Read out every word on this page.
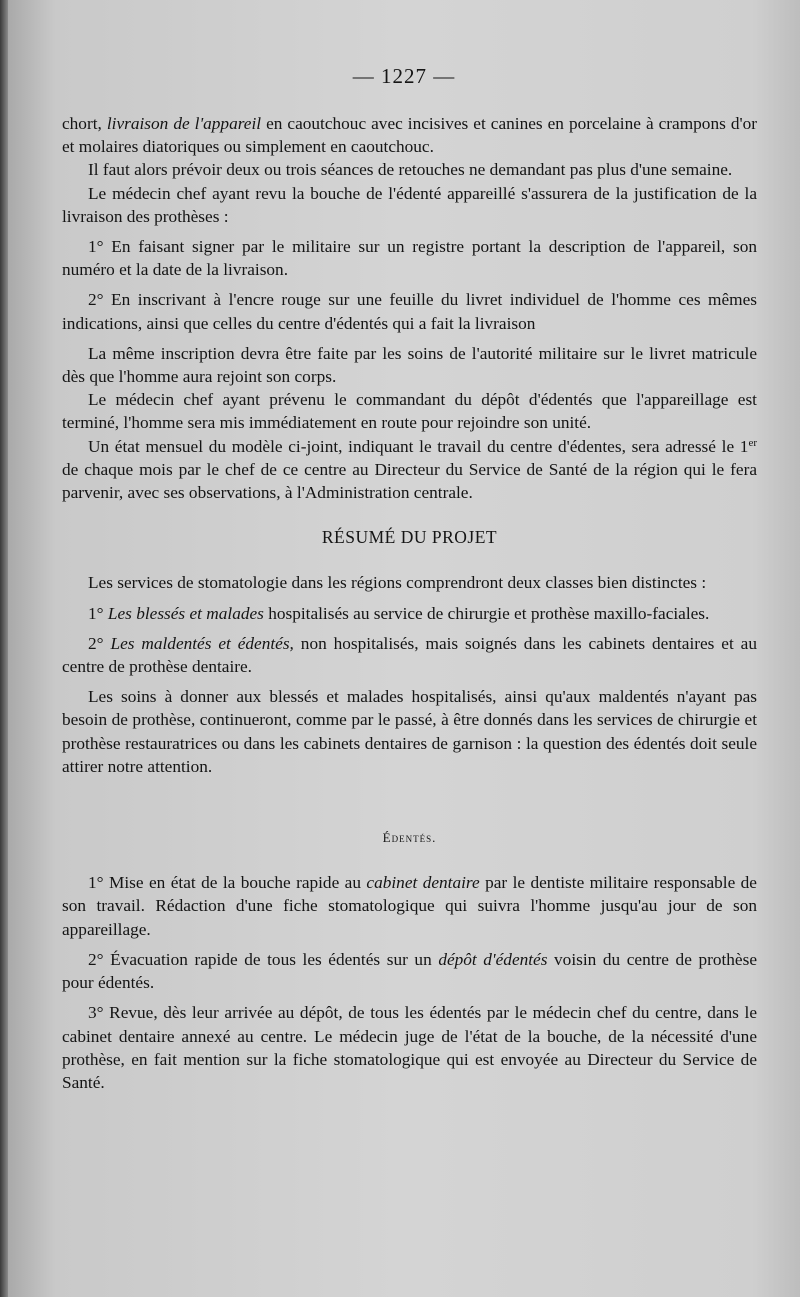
— 1227 —

chort, livraison de l'appareil en caoutchouc avec incisives et canines en porcelaine à crampons d'or et molaires diatoriques ou simplement en caoutchouc.

Il faut alors prévoir deux ou trois séances de retouches ne demandant pas plus d'une semaine.

Le médecin chef ayant revu la bouche de l'édenté appareillé s'assurera de la justification de la livraison des prothèses :

1° En faisant signer par le militaire sur un registre portant la description de l'appareil, son numéro et la date de la livraison.

2° En inscrivant à l'encre rouge sur une feuille du livret individuel de l'homme ces mêmes indications, ainsi que celles du centre d'édentés qui a fait la livraison

La même inscription devra être faite par les soins de l'autorité militaire sur le livret matricule dès que l'homme aura rejoint son corps.

Le médecin chef ayant prévenu le commandant du dépôt d'édentés que l'appareillage est terminé, l'homme sera mis immédiatement en route pour rejoindre son unité.

Un état mensuel du modèle ci-joint, indiquant le travail du centre d'édentes, sera adressé le 1er de chaque mois par le chef de ce centre au Directeur du Service de Santé de la région qui le fera parvenir, avec ses observations, à l'Administration centrale.

RÉSUMÉ DU PROJET

Les services de stomatologie dans les régions comprendront deux classes bien distinctes :

1° Les blessés et malades hospitalisés au service de chirurgie et prothèse maxillo-faciales.

2° Les maldentés et édentés, non hospitalisés, mais soignés dans les cabinets dentaires et au centre de prothèse dentaire.

Les soins à donner aux blessés et malades hospitalisés, ainsi qu'aux maldentés n'ayant pas besoin de prothèse, continueront, comme par le passé, à être donnés dans les services de chirurgie et prothèse restauratrices ou dans les cabinets dentaires de garnison : la question des édentés doit seule attirer notre attention.

Édentés.

1° Mise en état de la bouche rapide au cabinet dentaire par le dentiste militaire responsable de son travail. Rédaction d'une fiche stomatologique qui suivra l'homme jusqu'au jour de son appareillage.

2° Évacuation rapide de tous les édentés sur un dépôt d'édentés voisin du centre de prothèse pour édentés.

3° Revue, dès leur arrivée au dépôt, de tous les édentés par le médecin chef du centre, dans le cabinet dentaire annexé au centre. Le médecin juge de l'état de la bouche, de la nécessité d'une prothèse, en fait mention sur la fiche stomatologique qui est envoyée au Directeur du Service de Santé.
